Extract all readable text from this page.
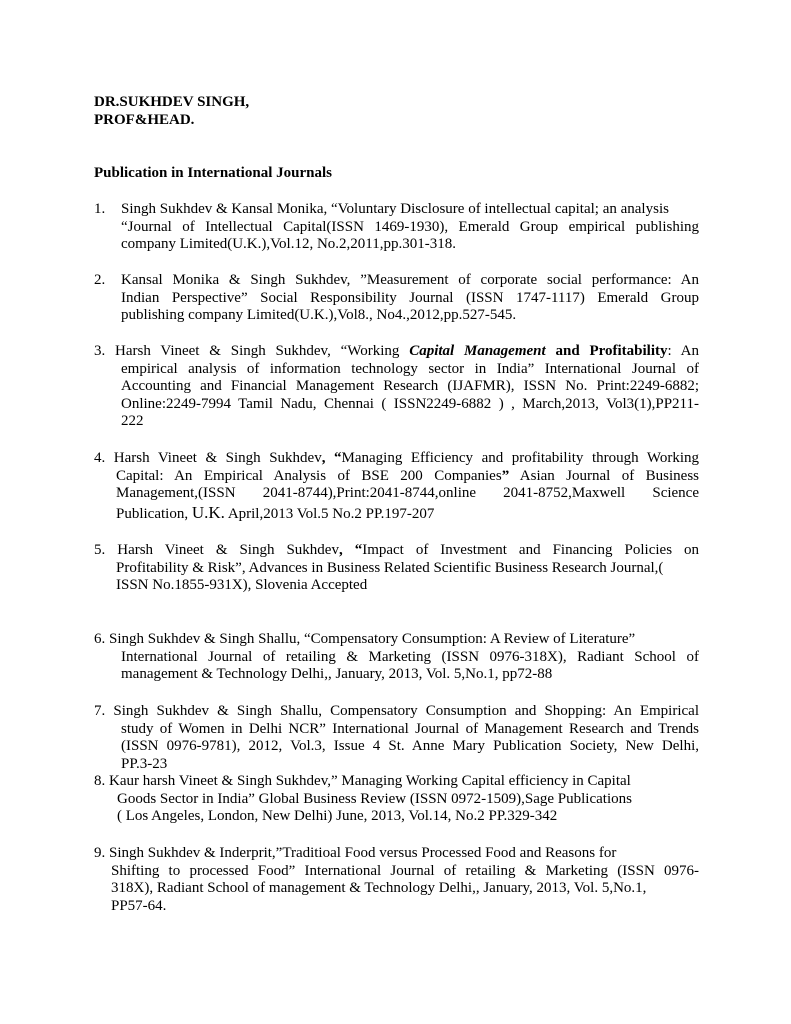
DR.SUKHDEV SINGH,
PROF&HEAD.
Publication in International Journals
1. Singh Sukhdev & Kansal Monika, “Voluntary Disclosure of intellectual capital; an analysis
“Journal of Intellectual Capital(ISSN 1469-1930), Emerald Group empirical publishing
company Limited(U.K.),Vol.12, No.2,2011,pp.301-318.
2. Kansal Monika & Singh Sukhdev, ”Measurement of corporate social performance: An
Indian Perspective” Social Responsibility Journal (ISSN 1747-1117) Emerald Group
publishing company Limited(U.K.),Vol8., No4.,2012,pp.527-545.
3. Harsh Vineet & Singh Sukhdev, “Working Capital Management and Profitability: An
empirical analysis of information technology sector in India” International Journal of
Accounting and Financial Management Research (IJAFMR), ISSN No. Print:2249-6882;
Online:2249-7994 Tamil Nadu, Chennai ( ISSN2249-6882 ) , March,2013, Vol3(1),PP211-
222
4. Harsh Vineet & Singh Sukhdev, “Managing Efficiency and profitability through Working
Capital: An Empirical Analysis of BSE 200 Companies” Asian Journal of Business
Management,(ISSN 2041-8744),Print:2041-8744,online 2041-8752,Maxwell Science
Publication, U.K. April,2013 Vol.5 No.2 PP.197-207
5. Harsh Vineet & Singh Sukhdev, “Impact of Investment and Financing Policies on
Profitability & Risk”, Advances in Business Related Scientific Business Research Journal,(
ISSN No.1855-931X), Slovenia Accepted
6. Singh Sukhdev & Singh Shallu, “Compensatory Consumption: A Review of Literature”
International Journal of retailing & Marketing (ISSN 0976-318X), Radiant School of
management & Technology Delhi,, January, 2013, Vol. 5,No.1, pp72-88
7. Singh Sukhdev & Singh Shallu, Compensatory Consumption and Shopping: An Empirical
study of Women in Delhi NCR” International Journal of Management Research and Trends
(ISSN 0976-9781), 2012, Vol.3, Issue 4 St. Anne Mary Publication Society, New Delhi,
PP.3-23
8. Kaur harsh Vineet & Singh Sukhdev,” Managing Working Capital efficiency in Capital
Goods Sector in India” Global Business Review (ISSN 0972-1509),Sage Publications
( Los Angeles, London, New Delhi) June, 2013, Vol.14, No.2 PP.329-342
9. Singh Sukhdev & Inderprit,”Traditioal Food versus Processed Food and Reasons for
Shifting to processed Food” International Journal of retailing & Marketing (ISSN 0976-
318X), Radiant School of management & Technology Delhi,, January, 2013, Vol. 5,No.1,
PP57-64.
